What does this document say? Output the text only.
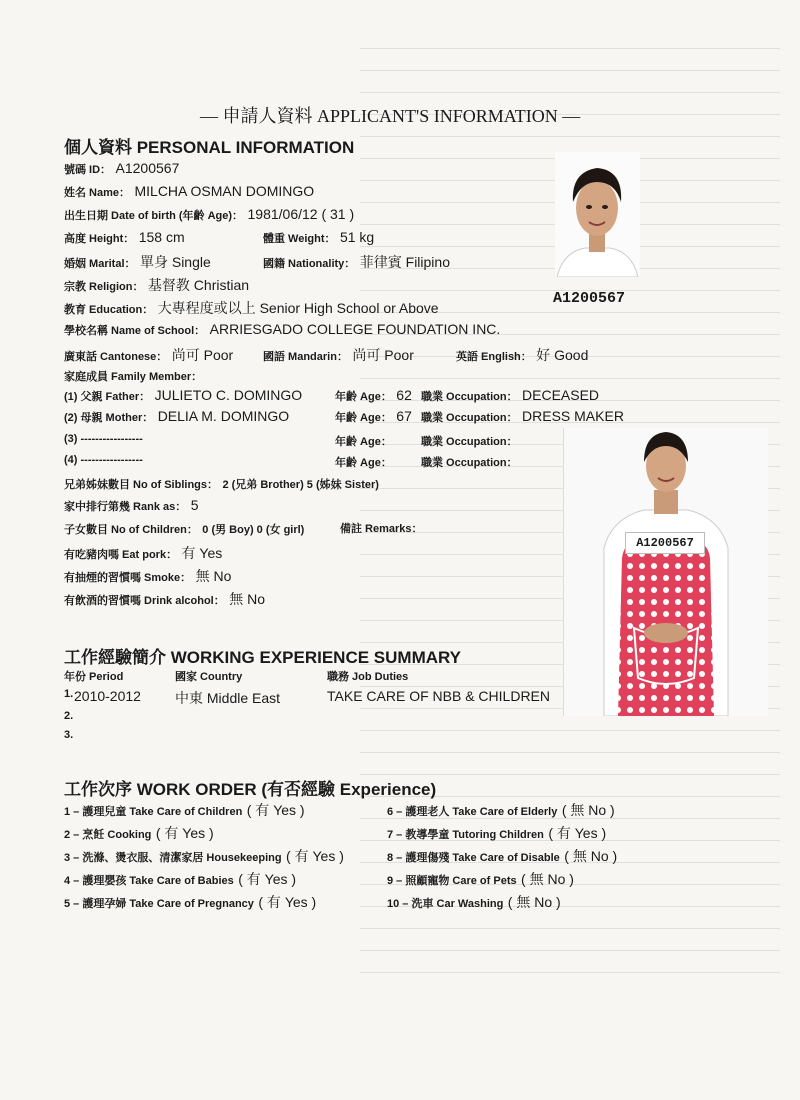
— 申請人資料 APPLICANT'S INFORMATION —
個人資料 PERSONAL INFORMATION
號碼 ID： A1200567
姓名 Name： MILCHA OSMAN DOMINGO
出生日期 Date of birth (年齡 Age)： 1981/06/12 ( 31 )
高度 Height： 158 cm	體重 Weight： 51 kg
婚姻 Marital： 單身 Single	國籍 Nationality： 菲律賓 Filipino
宗教 Religion： 基督教 Christian
教育 Education： 大專程度或以上 Senior High School or Above
學校名稱 Name of School： ARRIESGADO COLLEGE FOUNDATION INC.
廣東話 Cantonese： 尚可 Poor	國語 Mandarin： 尚可 Poor	英語 English： 好 Good
家庭成員 Family Member：
(1) 父親 Father： JULIETO C. DOMINGO	年齡 Age： 62 職業 Occupation： DECEASED
(2) 母親 Mother： DELIA M. DOMINGO	年齡 Age： 67 職業 Occupation： DRESS MAKER
(3) -----------------	年齡 Age：	職業 Occupation：
(4) -----------------	年齡 Age：	職業 Occupation：
兄弟姊妹數目 No of Siblings： 2 (兄弟 Brother) 5 (姊妹 Sister)
家中排行第幾 Rank as： 5
子女數目 No of Children： 0 (男 Boy) 0 (女 girl)	備註 Remarks：
有吃豬肉嗎 Eat pork： 有 Yes
有抽煙的習慣嗎 Smoke： 無 No
有飲酒的習慣嗎 Drink alcohol： 無 No
工作經驗簡介 WORKING EXPERIENCE SUMMARY
年份 Period	國家 Country	職務 Job Duties
1. 2010-2012 中東 Middle East	TAKE CARE OF NBB & CHILDREN
2.
3.
工作次序 WORK ORDER (有否經驗 Experience)
1 – 護理兒童 Take Care of Children ( 有 Yes )
2 – 烹飪 Cooking ( 有 Yes )
3 – 洗滌、燙衣服、清潔家居 Housekeeping ( 有 Yes )
4 – 護理嬰孩 Take Care of Babies ( 有 Yes )
5 – 護理孕婦 Take Care of Pregnancy ( 有 Yes )
6 – 護理老人 Take Care of Elderly ( 無 No )
7 – 教導學童 Tutoring Children ( 有 Yes )
8 – 護理傷殘 Take Care of Disable ( 無 No )
9 – 照顧寵物 Care of Pets ( 無 No )
10 – 洗車 Car Washing ( 無 No )
A1200567
A1200567
